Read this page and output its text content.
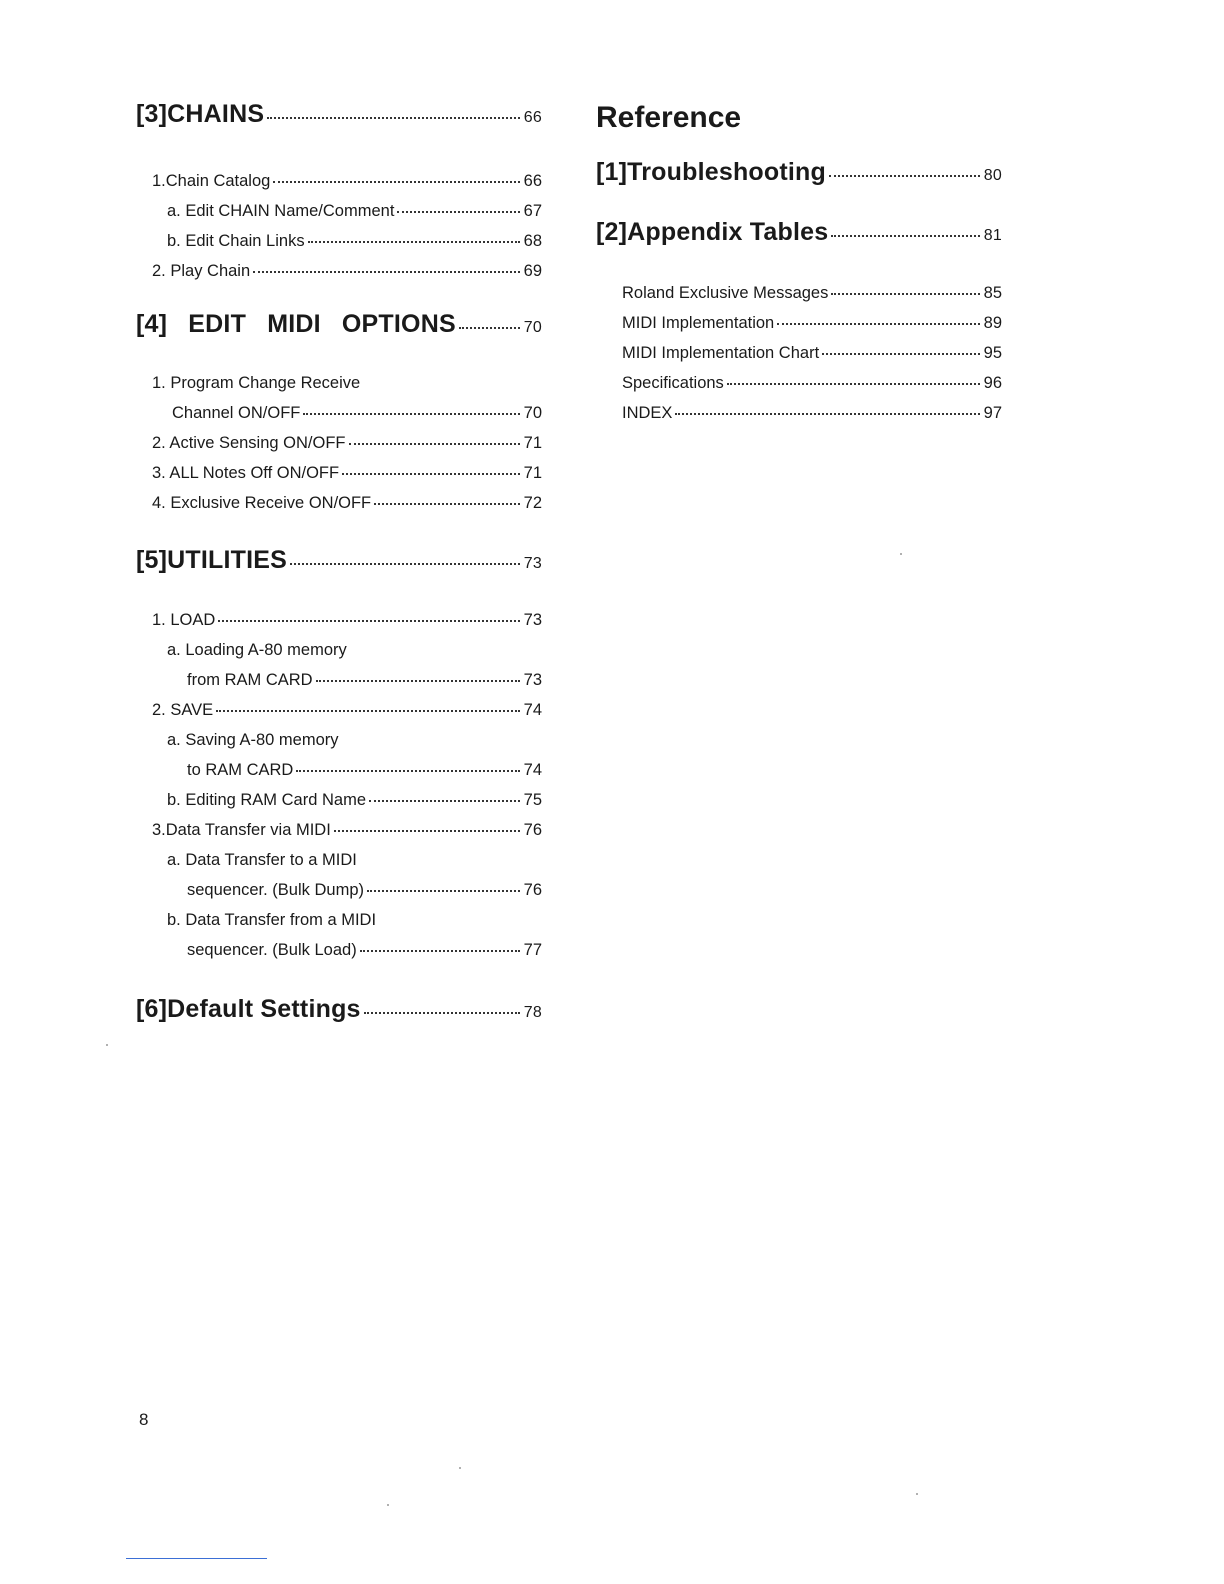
[3]CHAINS	66
1.Chain Catalog	66
a. Edit CHAIN Name/Comment	67
b. Edit Chain Links	68
2. Play Chain	69
[4] EDIT MIDI OPTIONS	70
1. Program Change Receive
Channel ON/OFF	70
2. Active Sensing ON/OFF	71
3. ALL Notes Off ON/OFF	71
4. Exclusive Receive ON/OFF	72
[5]UTILITIES	73
1. LOAD	73
a. Loading A-80 memory
from RAM CARD	73
2. SAVE	74
a. Saving A-80 memory
to RAM CARD	74
b. Editing RAM Card Name	75
3.Data Transfer via MIDI	76
a. Data Transfer to a MIDI
sequencer. (Bulk Dump)	76
b. Data Transfer from a MIDI
sequencer. (Bulk Load)	77
[6]Default Settings	78
Reference
[1]Troubleshooting	80
[2]Appendix Tables	81
Roland Exclusive Messages	85
MIDI Implementation	89
MIDI Implementation Chart	95
Specifications	96
INDEX	97
8
